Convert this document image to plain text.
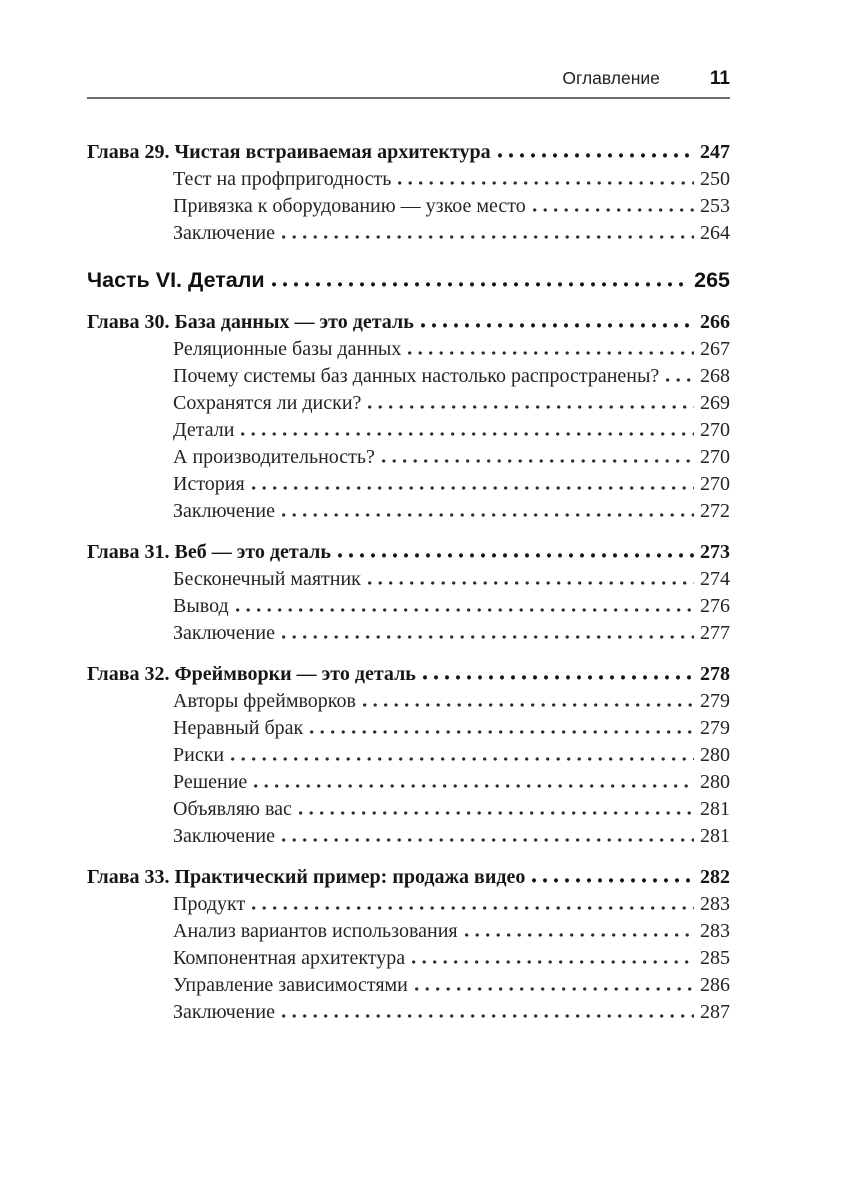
Оглавление	11
Глава 29. Чистая встраиваемая архитектура	247
Тест на профпригодность	250
Привязка к оборудованию — узкое место	253
Заключение	264
Часть VI. Детали	265
Глава 30. База данных — это деталь	266
Реляционные базы данных	267
Почему системы баз данных настолько распространены? 268
Сохранятся ли диски?	269
Детали	270
А производительность?	270
История	270
Заключение	272
Глава 31. Веб — это деталь	273
Бесконечный маятник	274
Вывод	276
Заключение	277
Глава 32. Фреймворки — это деталь	278
Авторы фреймворков	279
Неравный брак	279
Риски	280
Решение	280
Объявляю вас	281
Заключение	281
Глава 33. Практический пример: продажа видео	282
Продукт	283
Анализ вариантов использования	283
Компонентная архитектура	285
Управление зависимостями	286
Заключение	287
